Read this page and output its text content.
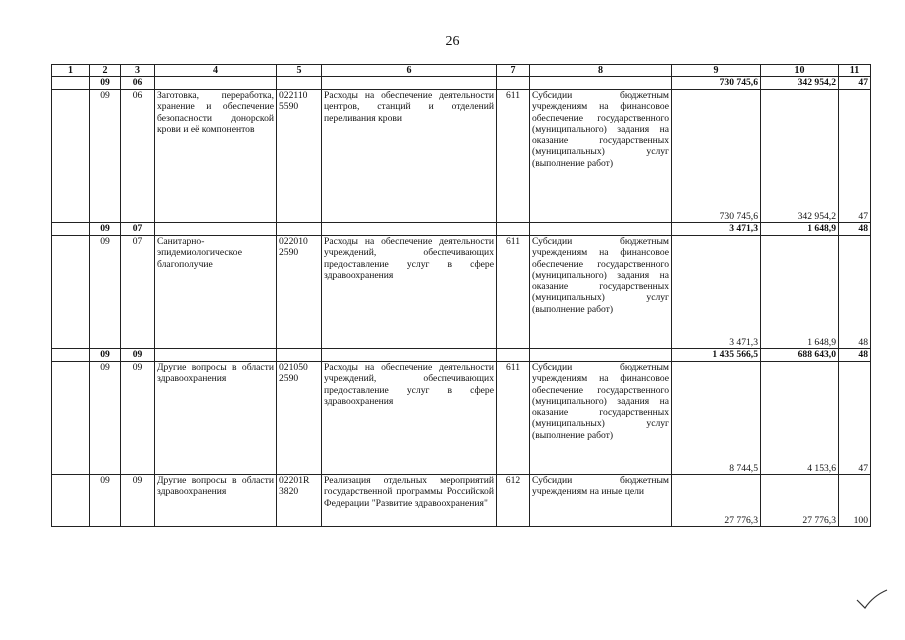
26
1	2	3	4	5	6	7	8	9	10	11
	09	06						730 745,6	342 954,2	47
	09	06	Заготовка, переработка, хранение и обеспечение безопасности донорской крови и её компонентов	022110 5590	Расходы на обеспечение деятельности центров, станций и отделений переливания крови	611	Субсидии бюджетным учреждениям на финансовое обеспечение государственного (муниципального) задания на оказание государственных (муниципальных) услуг (выполнение работ)	730 745,6	342 954,2	47
	09	07						3 471,3	1 648,9	48
	09	07	Санитарно-эпидемиологическое благополучие	022010 2590	Расходы на обеспечение деятельности учреждений, обеспечивающих предоставление услуг в сфере здравоохранения	611	Субсидии бюджетным учреждениям на финансовое обеспечение государственного (муниципального) задания на оказание государственных (муниципальных) услуг (выполнение работ)	3 471,3	1 648,9	48
	09	09						1 435 566,5	688 643,0	48
	09	09	Другие вопросы в области здравоохранения	021050 2590	Расходы на обеспечение деятельности учреждений, обеспечивающих предоставление услуг в сфере здравоохранения	611	Субсидии бюджетным учреждениям на финансовое обеспечение государственного (муниципального) задания на оказание государственных (муниципальных) услуг (выполнение работ)	8 744,5	4 153,6	47
	09	09	Другие вопросы в области здравоохранения	02201R 3820	Реализация отдельных мероприятий государственной программы Российской Федерации "Развитие здравоохранения"	612	Субсидии бюджетным учреждениям на иные цели	27 776,3	27 776,3	100
